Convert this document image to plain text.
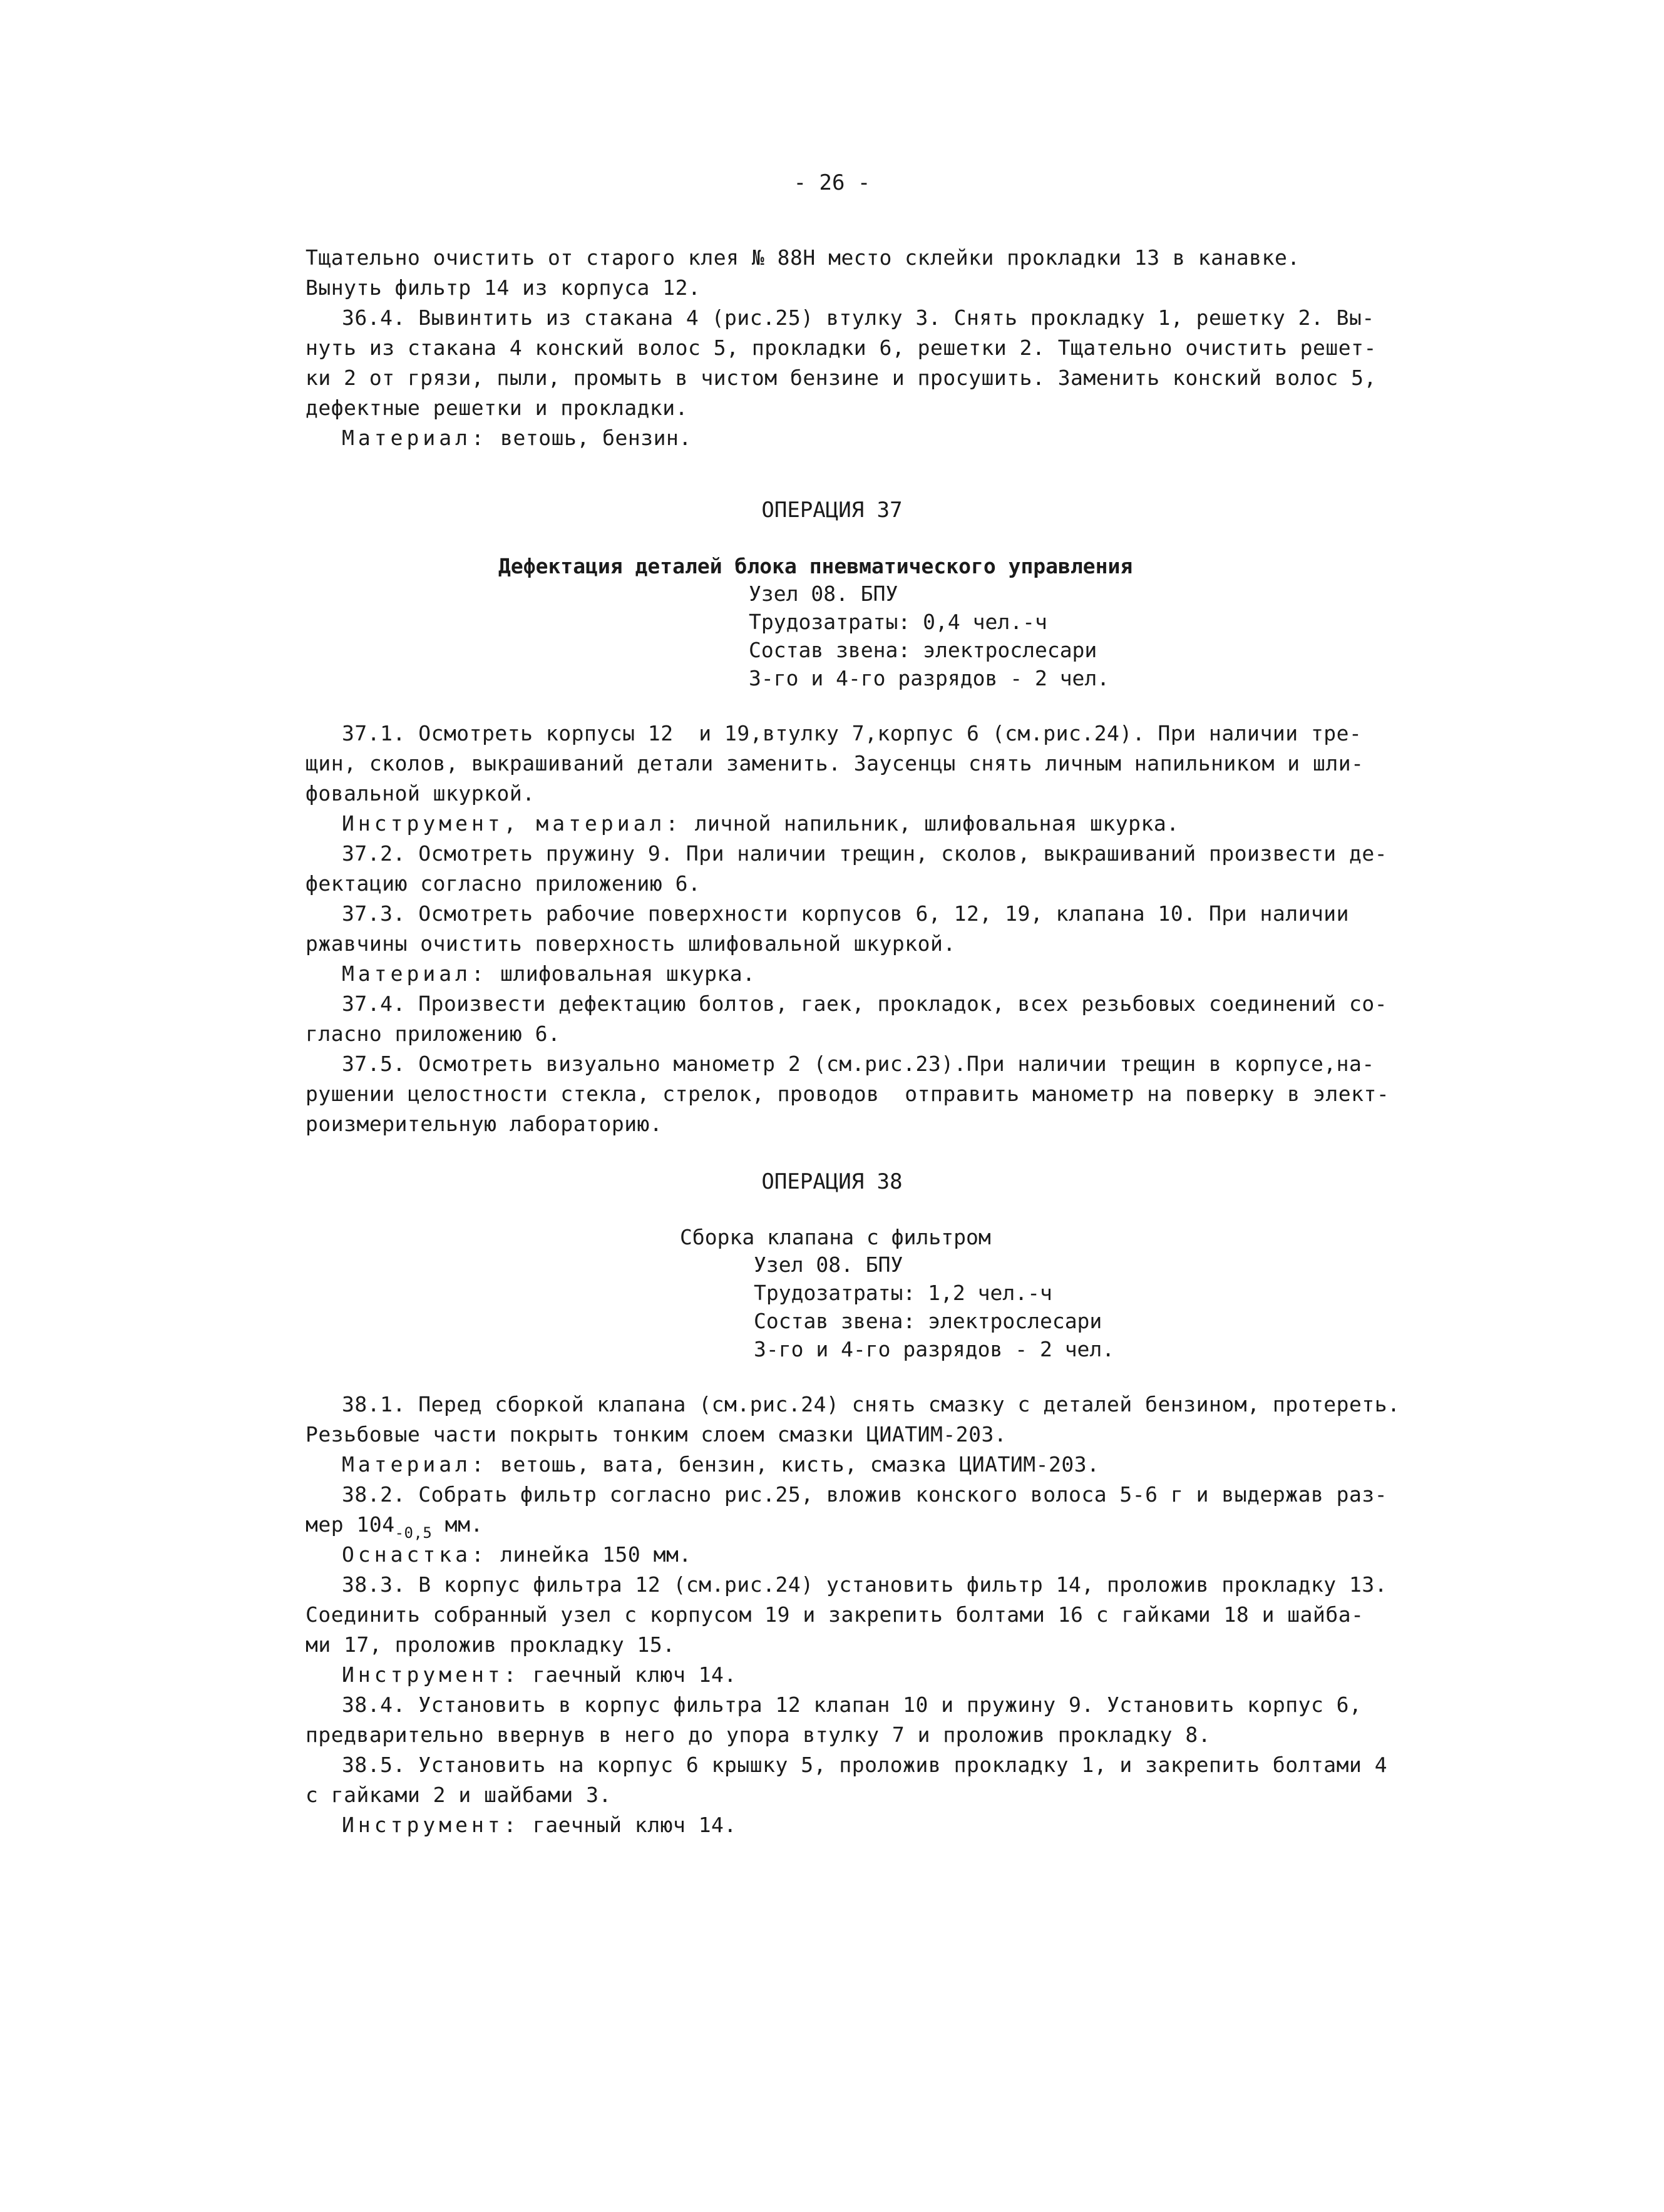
- 26 -
Тщательно очистить от старого клея № 88Н место склейки прокладки 13 в канавке.
Вынуть фильтр 14 из корпуса 12.
36.4. Вывинтить из стакана 4 (рис.25) втулку 3. Снять прокладку 1, решетку 2. Вы-
нуть из стакана 4 конский волос 5, прокладки 6, решетки 2. Тщательно очистить решет-
ки 2 от грязи, пыли, промыть в чистом бензине и просушить. Заменить конский волос 5,
дефектные решетки и прокладки.
Материал: ветошь, бензин.
ОПЕРАЦИЯ 37
Дефектация деталей блока пневматического управления
Узел 08. БПУ
Трудозатраты: 0,4 чел.-ч
Состав звена: электрослесари
3-го и 4-го разрядов - 2 чел.
37.1. Осмотреть корпусы 12  и 19,втулку 7,корпус 6 (см.рис.24). При наличии тре-
щин, сколов, выкрашиваний детали заменить. Заусенцы снять личным напильником и шли-
фовальной шкуркой.
Инструмент, материал: личной напильник, шлифовальная шкурка.
37.2. Осмотреть пружину 9. При наличии трещин, сколов, выкрашиваний произвести де-
фектацию согласно приложению 6.
37.3. Осмотреть рабочие поверхности корпусов 6, 12, 19, клапана 10. При наличии
ржавчины очистить поверхность шлифовальной шкуркой.
Материал: шлифовальная шкурка.
37.4. Произвести дефектацию болтов, гаек, прокладок, всех резьбовых соединений со-
гласно приложению 6.
37.5. Осмотреть визуально манометр 2 (см.рис.23).При наличии трещин в корпусе,на-
рушении целостности стекла, стрелок, проводов  отправить манометр на поверку в элект-
роизмерительную лабораторию.
ОПЕРАЦИЯ 38
Сборка клапана с фильтром
Узел 08. БПУ
Трудозатраты: 1,2 чел.-ч
Состав звена: электрослесари
3-го и 4-го разрядов - 2 чел.
38.1. Перед сборкой клапана (см.рис.24) снять смазку с деталей бензином, протереть.
Резьбовые части покрыть тонким слоем смазки ЦИАТИМ-203.
Материал: ветошь, вата, бензин, кисть, смазка ЦИАТИМ-203.
38.2. Собрать фильтр согласно рис.25, вложив конского волоса 5-6 г и выдержав раз-
мер $104_{-0,5}$ мм.
Оснастка: линейка 150 мм.
38.3. В корпус фильтра 12 (см.рис.24) установить фильтр 14, проложив прокладку 13.
Соединить собранный узел с корпусом 19 и закрепить болтами 16 с гайками 18 и шайба-
ми 17, проложив прокладку 15.
Инструмент: гаечный ключ 14.
38.4. Установить в корпус фильтра 12 клапан 10 и пружину 9. Установить корпус 6,
предварительно ввернув в него до упора втулку 7 и проложив прокладку 8.
38.5. Установить на корпус 6 крышку 5, проложив прокладку 1, и закрепить болтами 4
с гайками 2 и шайбами 3.
Инструмент: гаечный ключ 14.
